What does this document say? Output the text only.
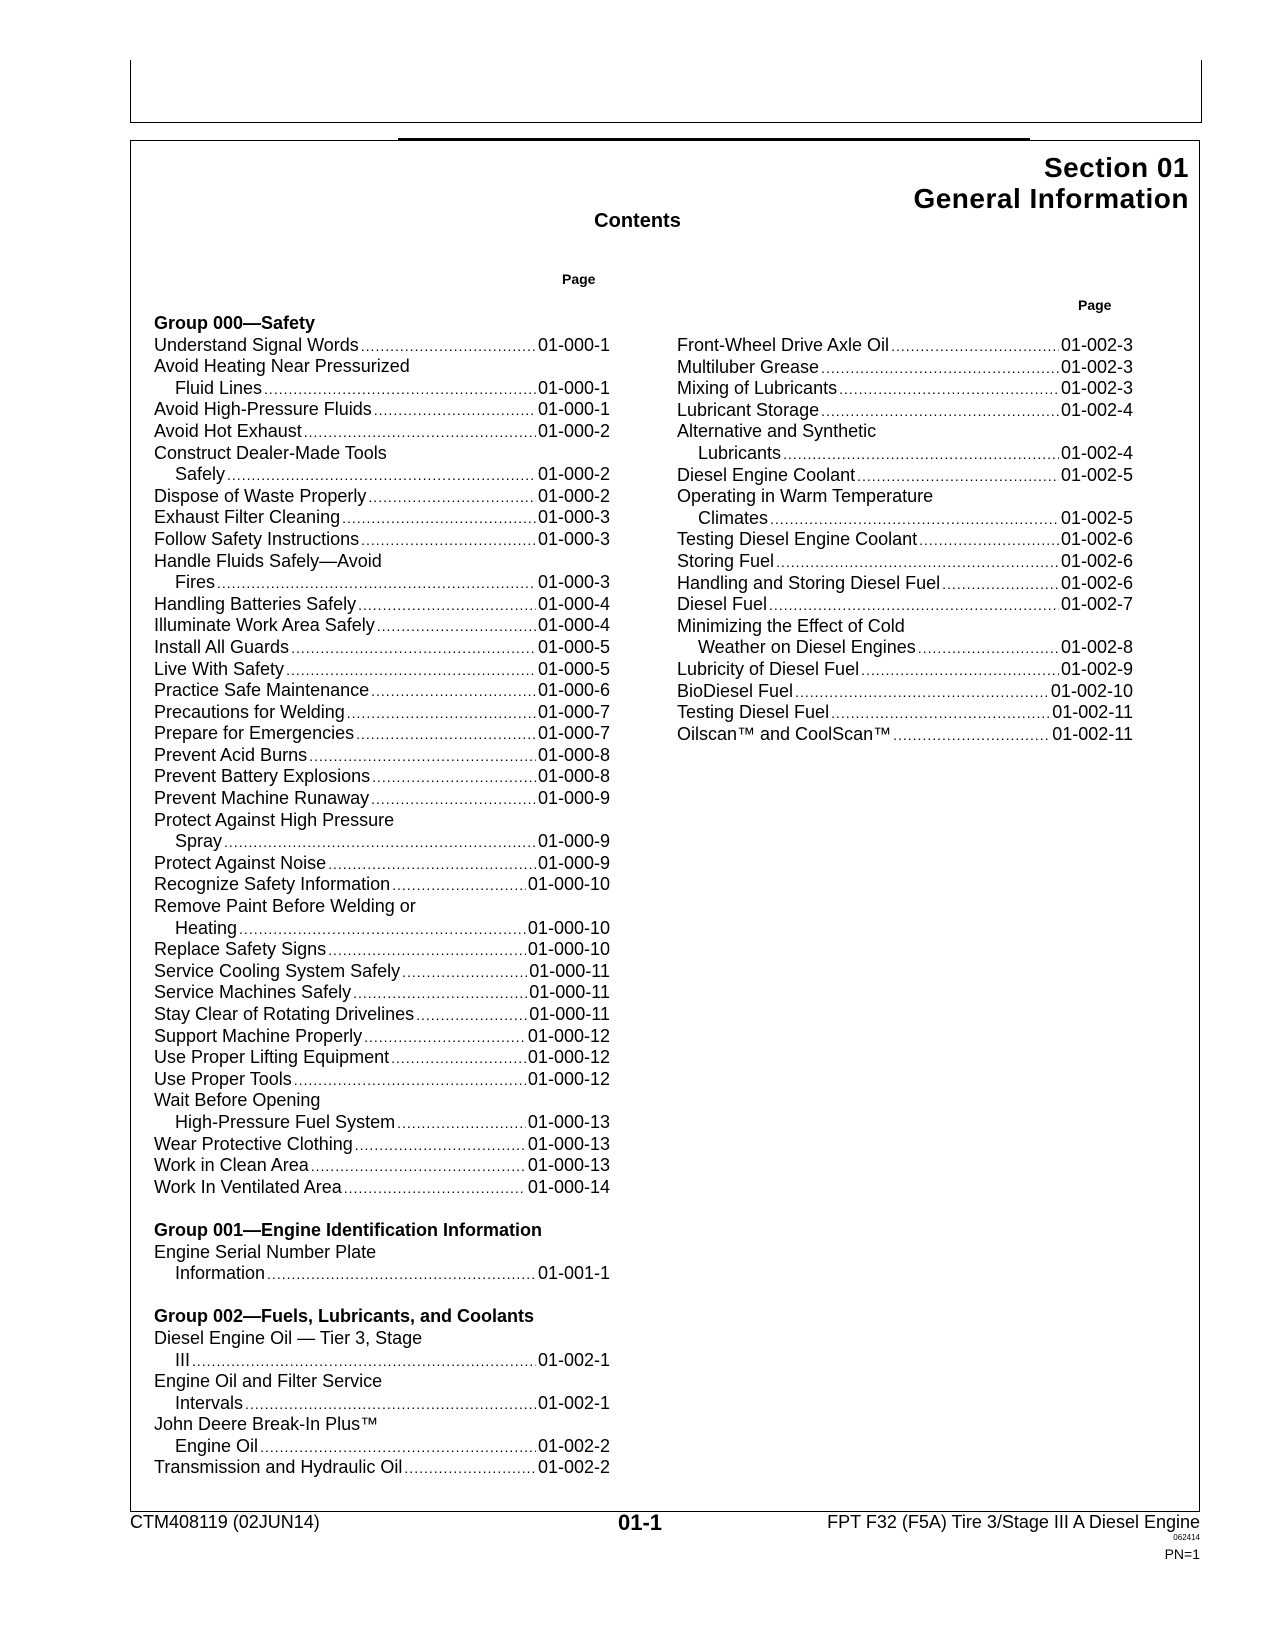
Section 01
General Information
Contents
Page
Page
Group 000—Safety
Understand Signal Words .....	01-000-1
Avoid Heating Near Pressurized
Fluid Lines .....	01-000-1
Avoid High-Pressure Fluids .....	01-000-1
Avoid Hot Exhaust .....	01-000-2
Construct Dealer-Made Tools
Safely .....	01-000-2
Dispose of Waste Properly .....	01-000-2
Exhaust Filter Cleaning .....	01-000-3
Follow Safety Instructions .....	01-000-3
Handle Fluids Safely—Avoid
Fires .....	01-000-3
Handling Batteries Safely .....	01-000-4
Illuminate Work Area Safely .....	01-000-4
Install All Guards .....	01-000-5
Live With Safety .....	01-000-5
Practice Safe Maintenance .....	01-000-6
Precautions for Welding .....	01-000-7
Prepare for Emergencies .....	01-000-7
Prevent Acid Burns .....	01-000-8
Prevent Battery Explosions .....	01-000-8
Prevent Machine Runaway .....	01-000-9
Protect Against High Pressure
Spray .....	01-000-9
Protect Against Noise .....	01-000-9
Recognize Safety Information .....	01-000-10
Remove Paint Before Welding or
Heating .....	01-000-10
Replace Safety Signs .....	01-000-10
Service Cooling System Safely .....	01-000-11
Service Machines Safely .....	01-000-11
Stay Clear of Rotating Drivelines .....	01-000-11
Support Machine Properly .....	01-000-12
Use Proper Lifting Equipment .....	01-000-12
Use Proper Tools .....	01-000-12
Wait Before Opening
High-Pressure Fuel System .....	01-000-13
Wear Protective Clothing .....	01-000-13
Work in Clean Area .....	01-000-13
Work In Ventilated Area .....	01-000-14
Group 001—Engine Identification Information
Engine Serial Number Plate
Information .....	01-001-1
Group 002—Fuels, Lubricants, and Coolants
Diesel Engine Oil — Tier 3, Stage
III .....	01-002-1
Engine Oil and Filter Service
Intervals .....	01-002-1
John Deere Break-In Plus™
Engine Oil .....	01-002-2
Transmission and Hydraulic Oil .....	01-002-2
Front-Wheel Drive Axle Oil .....	01-002-3
Multiluber Grease .....	01-002-3
Mixing of Lubricants .....	01-002-3
Lubricant Storage .....	01-002-4
Alternative and Synthetic
Lubricants .....	01-002-4
Diesel Engine Coolant .....	01-002-5
Operating in Warm Temperature
Climates .....	01-002-5
Testing Diesel Engine Coolant .....	01-002-6
Storing Fuel .....	01-002-6
Handling and Storing Diesel Fuel .....	01-002-6
Diesel Fuel .....	01-002-7
Minimizing the Effect of Cold
Weather on Diesel Engines .....	01-002-8
Lubricity of Diesel Fuel .....	01-002-9
BioDiesel Fuel .....	01-002-10
Testing Diesel Fuel .....	01-002-11
Oilscan™ and CoolScan™ .....	01-002-11
CTM408119 (02JUN14)	01-1	FPT F32 (F5A) Tire 3/Stage III A Diesel Engine
062414
PN=1
